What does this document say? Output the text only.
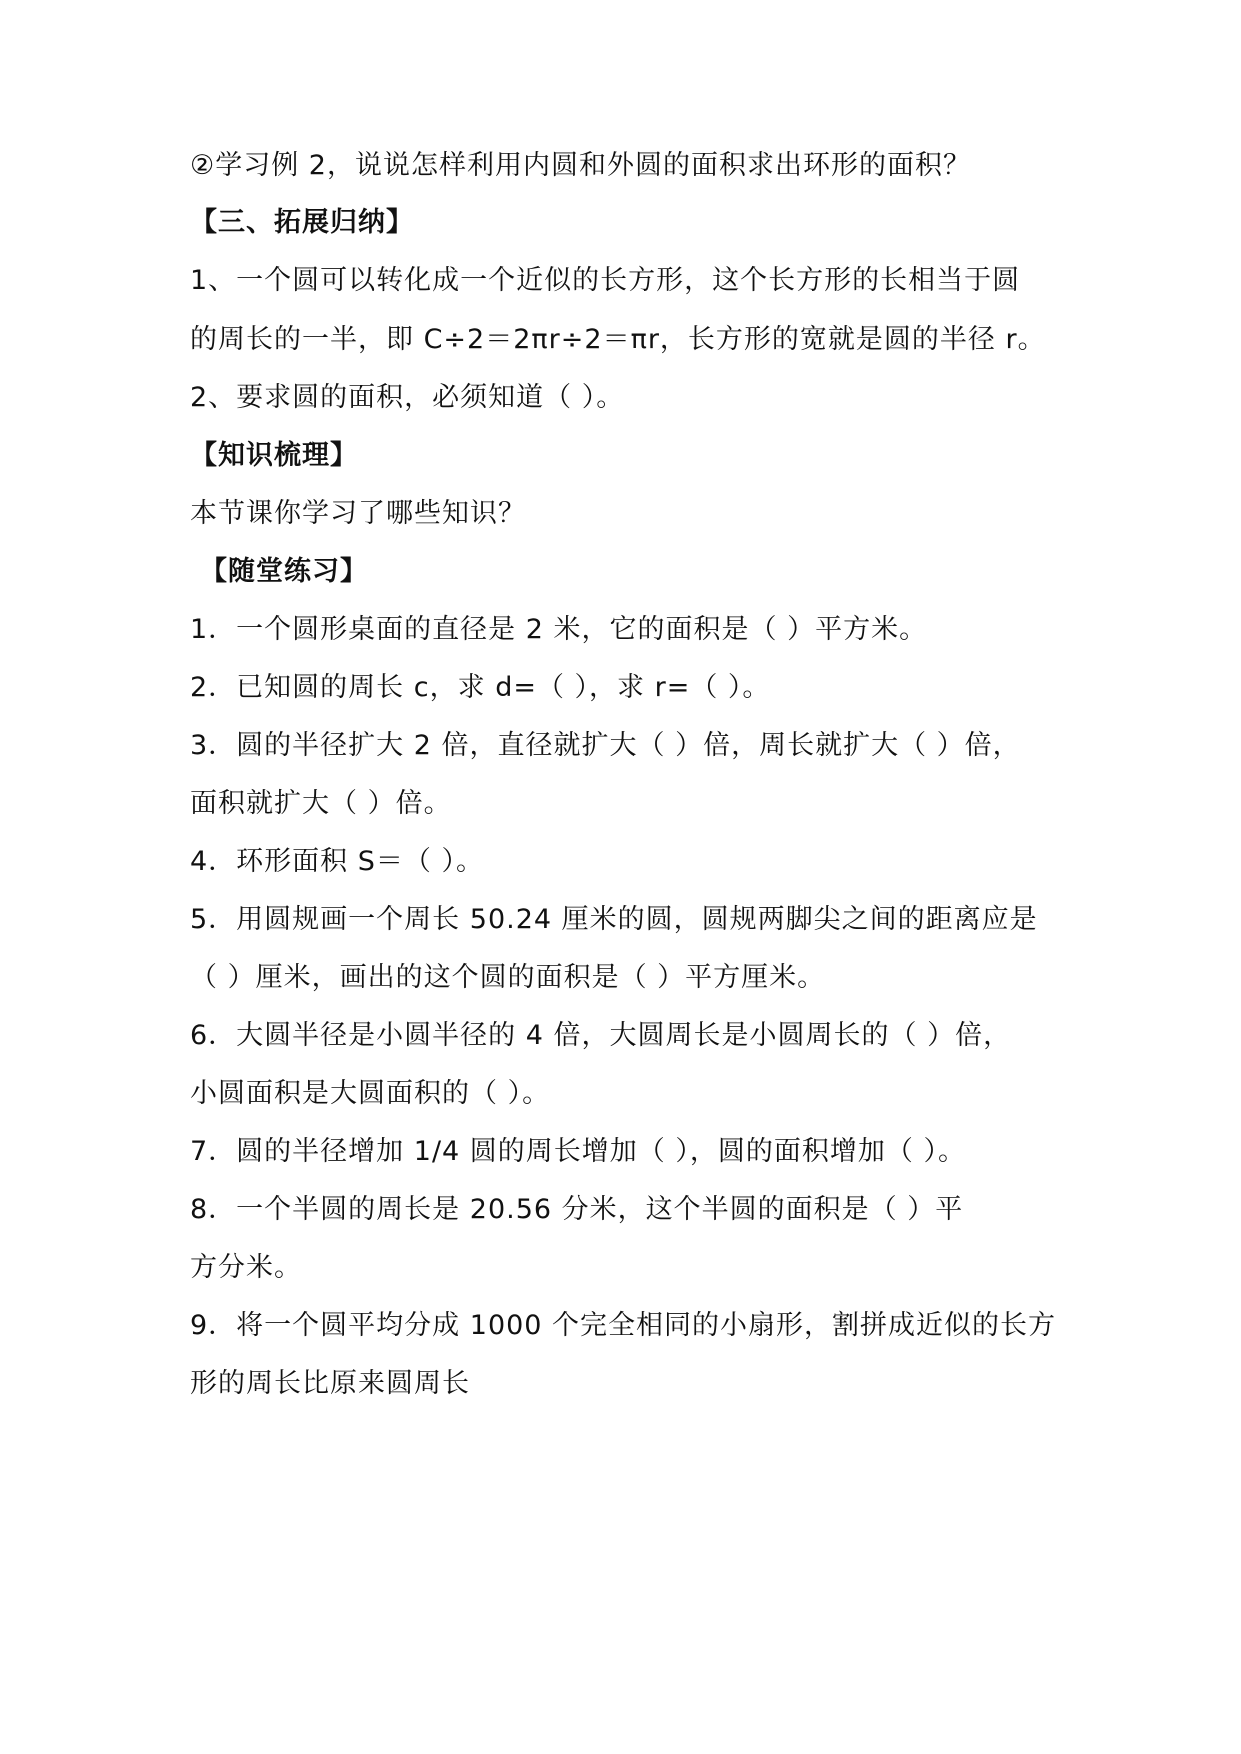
②学习例 2，说说怎样利用内圆和外圆的面积求出环形的面积？
【三、拓展归纳】
1、一个圆可以转化成一个近似的长方形，这个长方形的长相当于圆
的周长的一半，即 C÷2＝2πr÷2＝πr，长方形的宽就是圆的半径 r。
2、要求圆的面积，必须知道（ ）。
【知识梳理】
本节课你学习了哪些知识？
【随堂练习】
1．一个圆形桌面的直径是 2 米，它的面积是（ ）平方米。
2．已知圆的周长 c，求 d=（ ），求 r=（ ）。
3．圆的半径扩大 2 倍，直径就扩大（ ）倍，周长就扩大（ ）倍，
面积就扩大（ ）倍。
4．环形面积 S＝（ ）。
5．用圆规画一个周长 50.24 厘米的圆，圆规两脚尖之间的距离应是
（ ）厘米，画出的这个圆的面积是（ ）平方厘米。
6．大圆半径是小圆半径的 4 倍，大圆周长是小圆周长的（ ）倍，
小圆面积是大圆面积的（ ）。
7．圆的半径增加 1/4 圆的周长增加（ ），圆的面积增加（ ）。
8．一个半圆的周长是 20.56 分米，这个半圆的面积是（ ）平
方分米。
9．将一个圆平均分成 1000 个完全相同的小扇形，割拼成近似的长方
形的周长比原来圆周长
